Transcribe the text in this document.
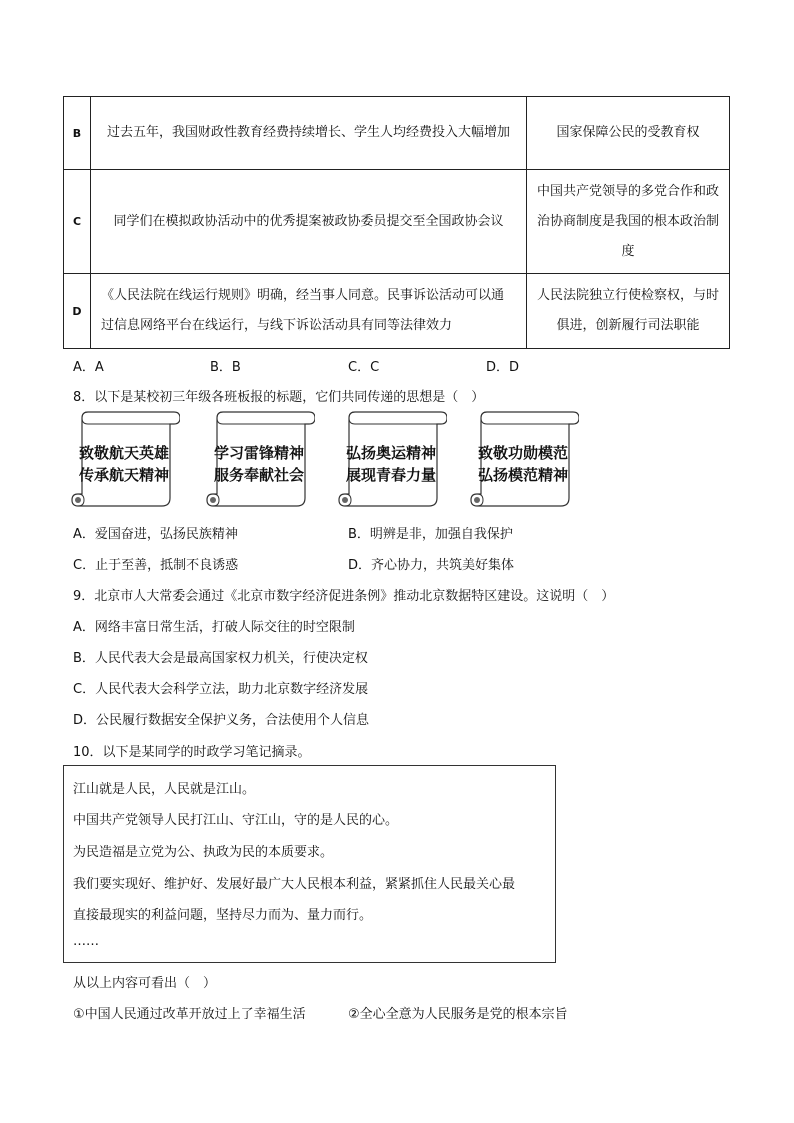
B	过去五年，我国财政性教育经费持续增长、学生人均经费投入大幅增加	国家保障公民的受教育权
C	同学们在模拟政协活动中的优秀提案被政协委员提交至全国政协会议	中国共产党领导的多党合作和政治协商制度是我国的根本政治制度
D	《人民法院在线运行规则》明确，经当事人同意。民事诉讼活动可以通过信息网络平台在线运行，与线下诉讼活动具有同等法律效力	人民法院独立行使检察权，与时俱进，创新履行司法职能
A．A	B．B	C．C	D．D
8．以下是某校初三年级各班板报的标题，它们共同传递的思想是（　）
致敬航天英雄
传承航天精神
学习雷锋精神
服务奉献社会
弘扬奥运精神
展现青春力量
致敬功勋模范
弘扬模范精神
A．爱国奋进，弘扬民族精神	B．明辨是非，加强自我保护
C．止于至善，抵制不良诱惑	D．齐心协力，共筑美好集体
9．北京市人大常委会通过《北京市数字经济促进条例》推动北京数据特区建设。这说明（　）
A．网络丰富日常生活，打破人际交往的时空限制
B．人民代表大会是最高国家权力机关，行使决定权
C．人民代表大会科学立法，助力北京数字经济发展
D．公民履行数据安全保护义务，合法使用个人信息
10．以下是某同学的时政学习笔记摘录。
江山就是人民，人民就是江山。
中国共产党领导人民打江山、守江山，守的是人民的心。
为民造福是立党为公、执政为民的本质要求。
我们要实现好、维护好、发展好最广大人民根本利益，紧紧抓住人民最关心最
直接最现实的利益问题，坚持尽力而为、量力而行。
……
从以上内容可看出（　）
①中国人民通过改革开放过上了幸福生活	②全心全意为人民服务是党的根本宗旨
